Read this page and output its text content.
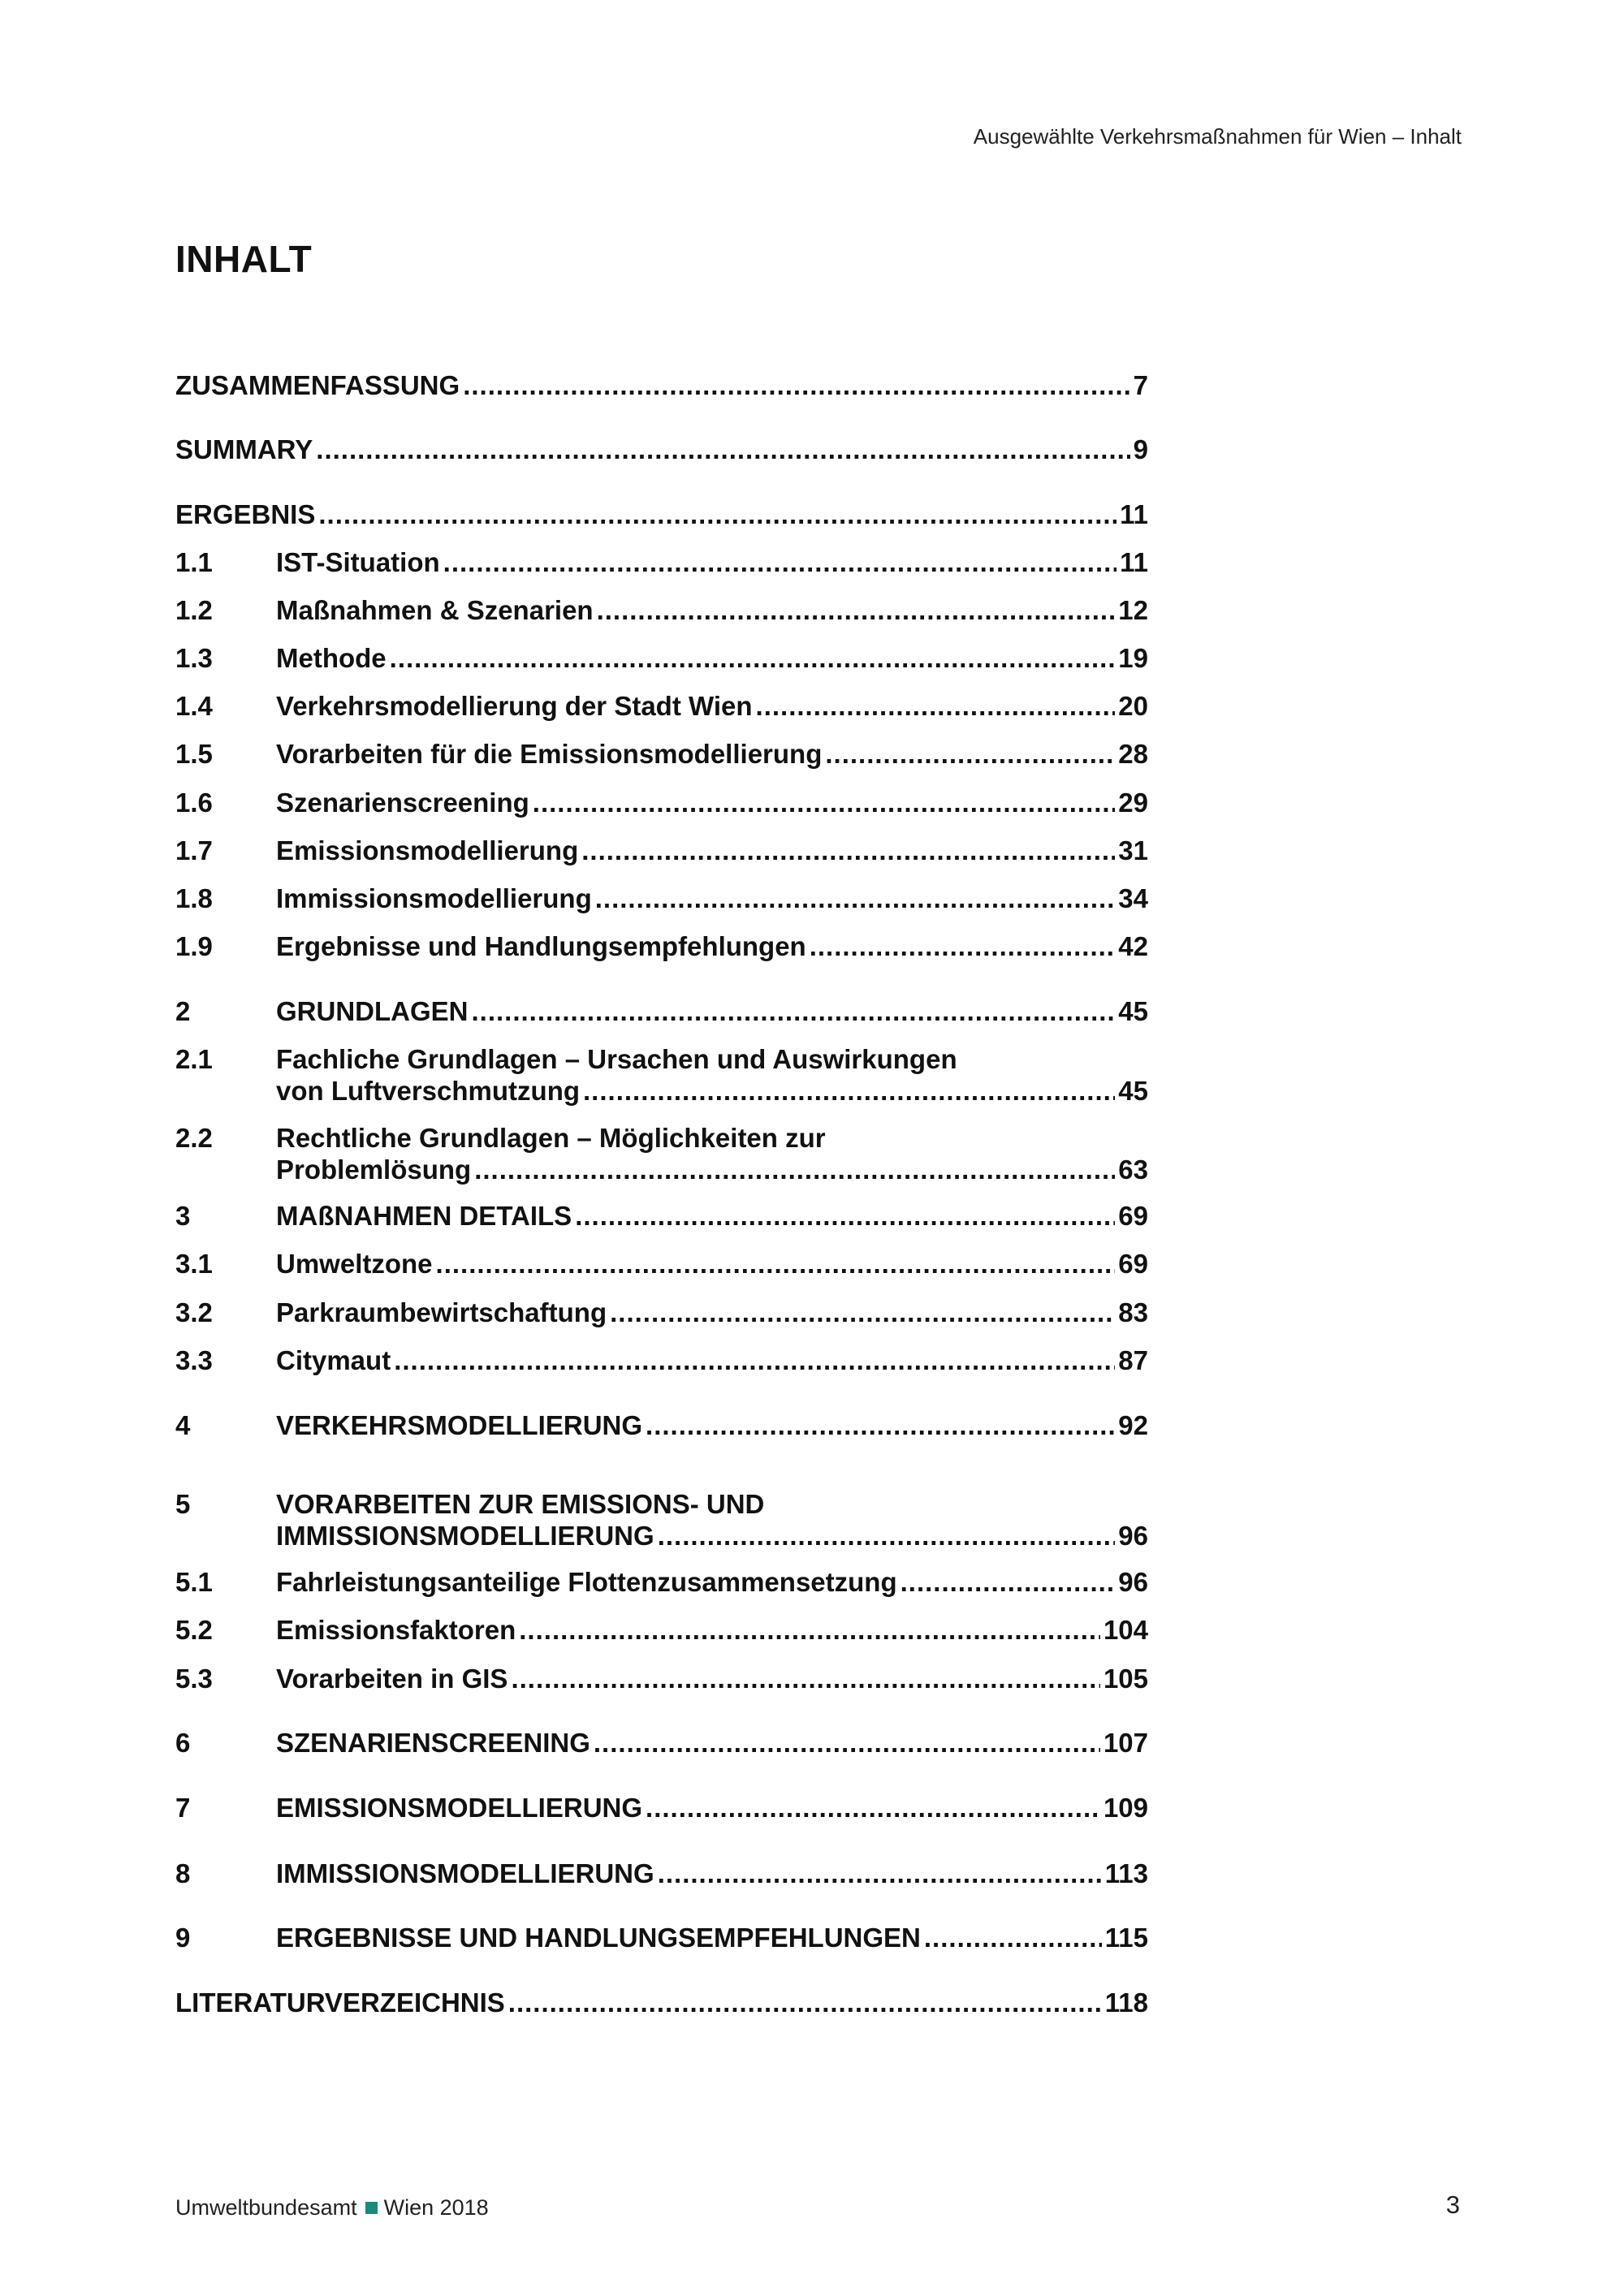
Ausgewählte Verkehrsmaßnahmen für Wien – Inhalt
INHALT
ZUSAMMENFASSUNG .....	7
SUMMARY .....	9
ERGEBNIS .....	11
1.1 IST-Situation .....	11
1.2 Maßnahmen & Szenarien .....	12
1.3 Methode .....	19
1.4 Verkehrsmodellierung der Stadt Wien .....	20
1.5 Vorarbeiten für die Emissionsmodellierung .....	28
1.6 Szenarienscreening .....	29
1.7 Emissionsmodellierung .....	31
1.8 Immissionsmodellierung .....	34
1.9 Ergebnisse und Handlungsempfehlungen .....	42
2	GRUNDLAGEN .....	45
2.1 Fachliche Grundlagen – Ursachen und Auswirkungen
von Luftverschmutzung .....	45
2.2 Rechtliche Grundlagen – Möglichkeiten zur
Problemlösung .....	63
3	MAßNAHMEN DETAILS .....	69
3.1 Umweltzone .....	69
3.2 Parkraumbewirtschaftung .....	83
3.3 Citymaut .....	87
4	VERKEHRSMODELLIERUNG .....	92
5	VORARBEITEN ZUR EMISSIONS- UND
IMMISSIONSMODELLIERUNG .....	96
5.1 Fahrleistungsanteilige Flottenzusammensetzung .....	96
5.2 Emissionsfaktoren .....	104
5.3 Vorarbeiten in GIS .....	105
6	SZENARIENSCREENING .....	107
7	EMISSIONSMODELLIERUNG .....	109
8	IMMISSIONSMODELLIERUNG .....	113
9	ERGEBNISSE UND HANDLUNGSEMPFEHLUNGEN .....	115
LITERATURVERZEICHNIS .....	118
Umweltbundesamt Wien 2018	3
